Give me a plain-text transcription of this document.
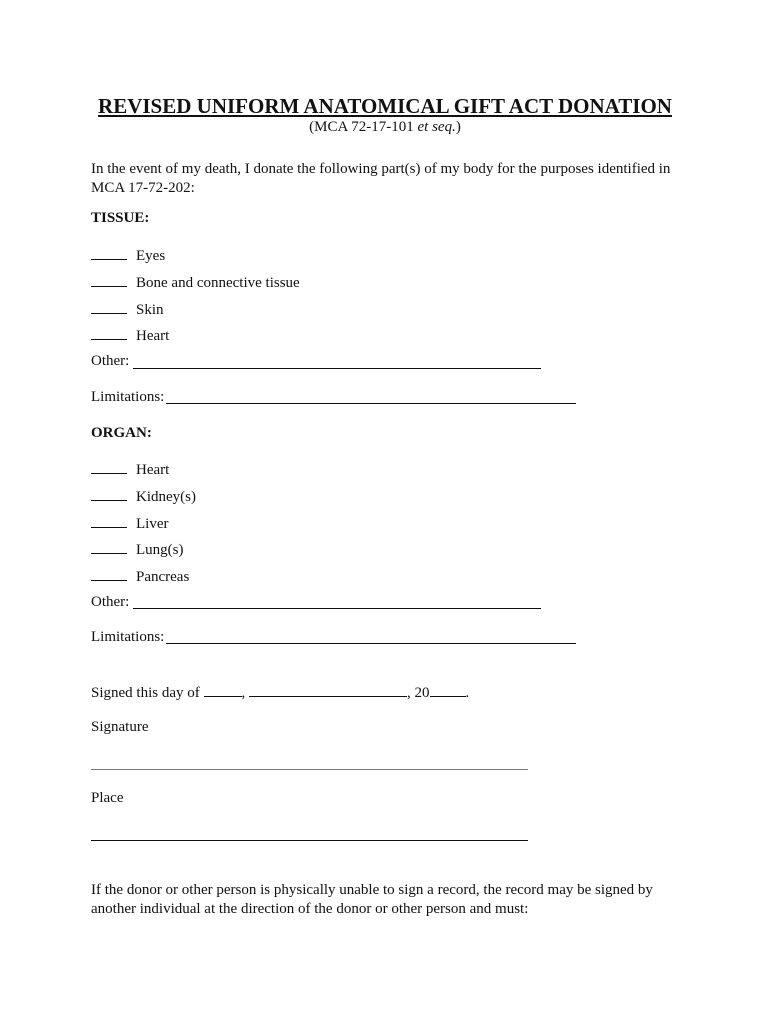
REVISED UNIFORM ANATOMICAL GIFT ACT DONATION
(MCA 72-17-101 et seq.)
In the event of my death, I donate the following part(s) of my body for the purposes identified in MCA 17-72-202:
TISSUE:
Eyes
Bone and connective tissue
Skin
Heart
Other:
Limitations:
ORGAN:
Heart
Kidney(s)
Liver
Lung(s)
Pancreas
Other:
Limitations:
Signed this day of	,	, 20 .
Signature
Place
If the donor or other person is physically unable to sign a record, the record may be signed by another individual at the direction of the donor or other person and must:
